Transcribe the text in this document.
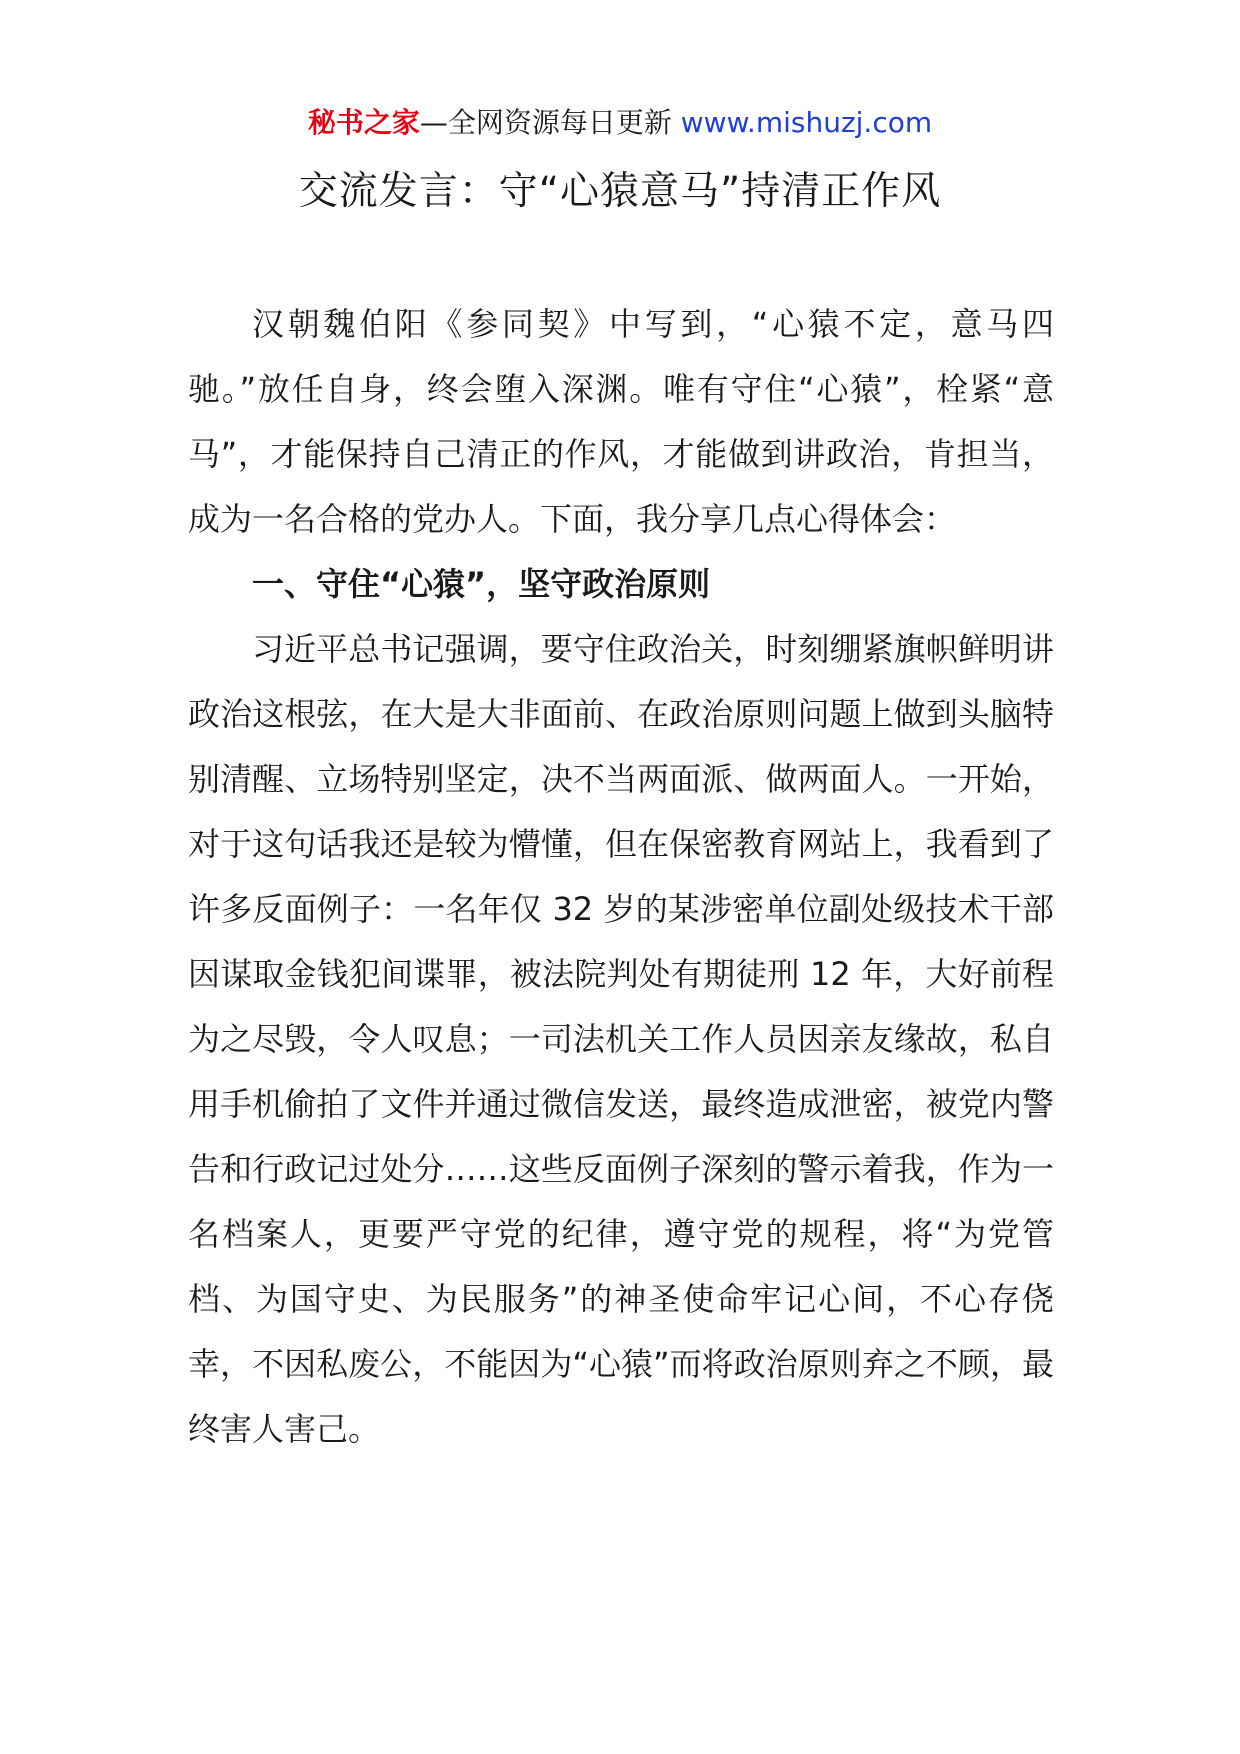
秘书之家—全网资源每日更新 www.mishuzj.com
交流发言：守“心猿意马”持清正作风

汉朝魏伯阳《参同契》中写到，“心猿不定，意马四驰。”放任自身，终会堕入深渊。唯有守住“心猿”，栓紧“意马”，才能保持自己清正的作风，才能做到讲政治，肯担当，成为一名合格的党办人。下面，我分享几点心得体会：

一、守住“心猿”，坚守政治原则

习近平总书记强调，要守住政治关，时刻绷紧旗帜鲜明讲政治这根弦，在大是大非面前、在政治原则问题上做到头脑特别清醒、立场特别坚定，决不当两面派、做两面人。一开始，对于这句话我还是较为懵懂，但在保密教育网站上，我看到了许多反面例子：一名年仅 32 岁的某涉密单位副处级技术干部因谋取金钱犯间谍罪，被法院判处有期徒刑 12 年，大好前程为之尽毁，令人叹息；一司法机关工作人员因亲友缘故，私自用手机偷拍了文件并通过微信发送，最终造成泄密，被党内警告和行政记过处分……这些反面例子深刻的警示着我，作为一名档案人，更要严守党的纪律，遵守党的规程，将“为党管档、为国守史、为民服务”的神圣使命牢记心间，不心存侥幸，不因私废公，不能因为“心猿”而将政治原则弃之不顾，最终害人害己。
